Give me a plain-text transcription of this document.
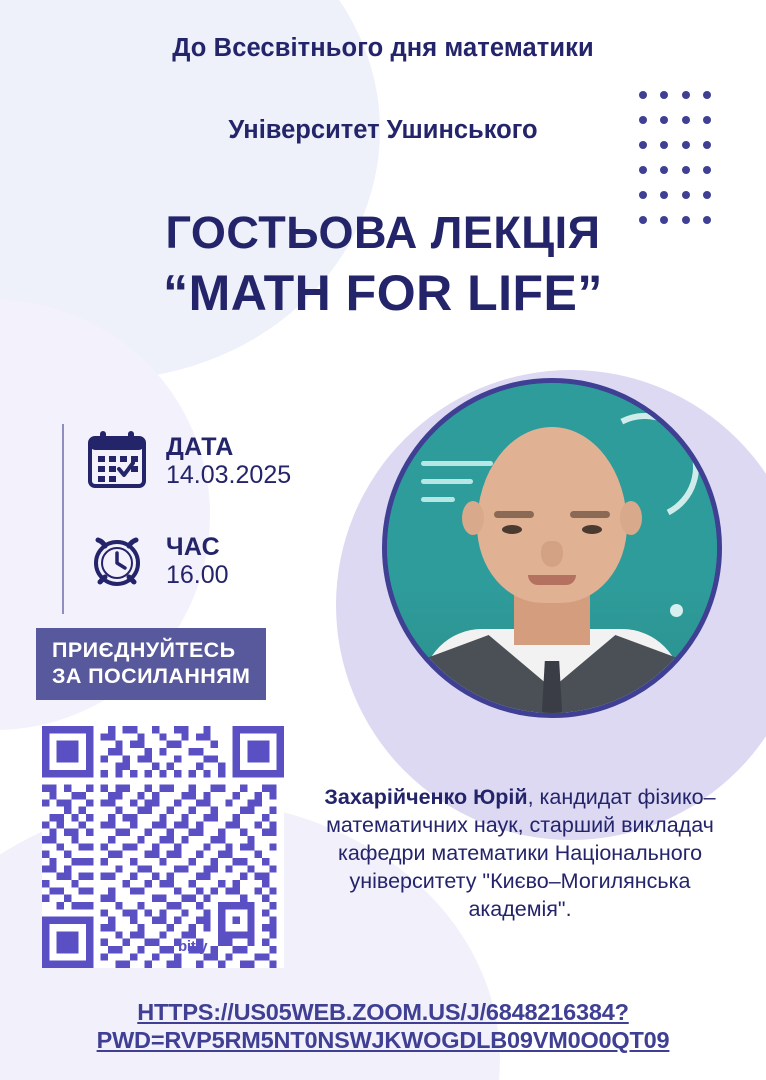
До Всесвітнього дня математики
Університет Ушинського
ГОСТЬОВА ЛЕКЦІЯ
“MATH FOR LIFE”
ДАТА
14.03.2025
ЧАС
16.00
ПРИЄДНУЙТЕСЬ
ЗА ПОСИЛАННЯМ
bitly
Захарійченко Юрій, кандидат фізико–математичних наук, старший викладач кафедри математики Національного університету "Києво–Могилянська академія".
HTTPS://US05WEB.ZOOM.US/J/6848216384?
PWD=RVP5RM5NT0NSWJKWOGDLB09VM0O0QT09
